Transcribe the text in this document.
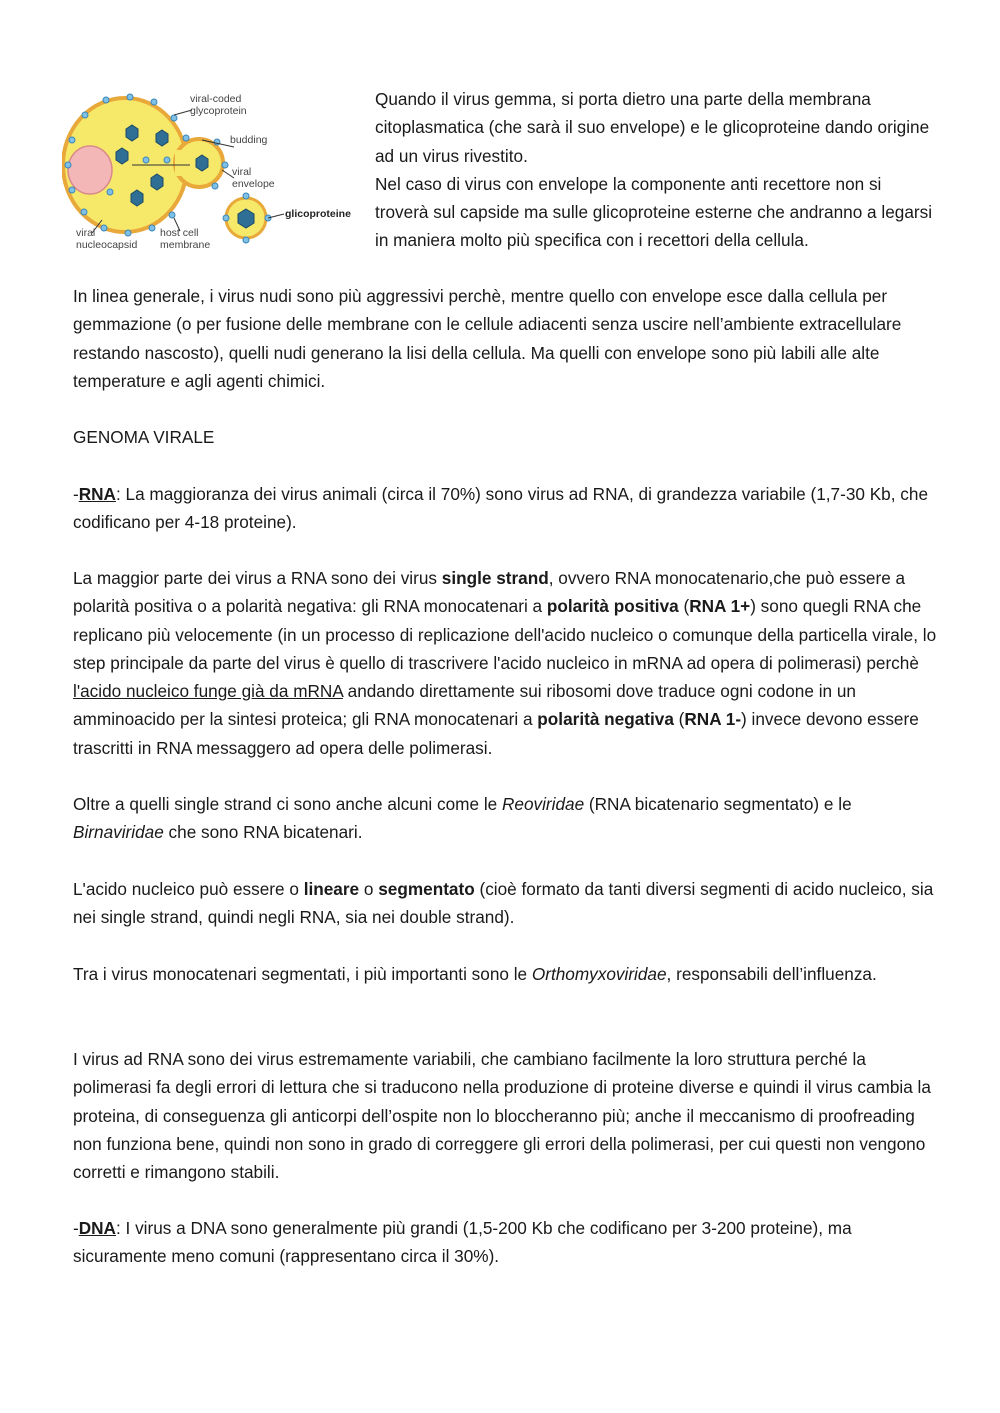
viral-coded
glycoprotein
budding
viral
envelope
glicoproteine
viral
nucleocapsid
host cell
membrane
Quando il virus gemma, si porta dietro una parte della membrana citoplasmatica (che sarà il suo envelope) e le glicoproteine dando origine ad un virus rivestito.
Nel caso di virus con envelope la componente anti recettore non si troverà sul capside ma sulle glicoproteine esterne che andranno a legarsi in maniera molto più specifica con i recettori della cellula.

In linea generale, i virus nudi sono più aggressivi perchè, mentre quello con envelope esce dalla cellula per gemmazione (o per fusione delle membrane con le cellule adiacenti senza uscire nell’ambiente extracellulare restando nascosto), quelli nudi generano la lisi della cellula. Ma quelli con envelope sono più labili alle alte temperature e agli agenti chimici.

GENOMA VIRALE

-RNA: La maggioranza dei virus animali (circa il 70%) sono virus ad RNA, di grandezza variabile (1,7-30 Kb, che codificano per 4-18 proteine).

La maggior parte dei virus a RNA sono dei virus single strand, ovvero RNA monocatenario,che può essere a polarità positiva o a polarità negativa: gli RNA monocatenari a polarità positiva (RNA 1+) sono quegli RNA che replicano più velocemente (in un processo di replicazione dell'acido nucleico o comunque della particella virale, lo step principale da parte del virus è quello di trascrivere l'acido nucleico in mRNA ad opera di polimerasi) perchè l'acido nucleico funge già da mRNA andando direttamente sui ribosomi dove traduce ogni codone in un amminoacido per la sintesi proteica; gli RNA monocatenari a polarità negativa (RNA 1-) invece devono essere trascritti in RNA messaggero ad opera delle polimerasi.

Oltre a quelli single strand ci sono anche alcuni come le Reoviridae (RNA bicatenario segmentato) e le Birnaviridae che sono RNA bicatenari.

L'acido nucleico può essere o lineare o segmentato (cioè formato da tanti diversi segmenti di acido nucleico, sia nei single strand, quindi negli RNA, sia nei double strand).

Tra i virus monocatenari segmentati, i più importanti sono le Orthomyxoviridae, responsabili dell’influenza.

I virus ad RNA sono dei virus estremamente variabili, che cambiano facilmente la loro struttura perché la polimerasi fa degli errori di lettura che si traducono nella produzione di proteine diverse e quindi il virus cambia la proteina, di conseguenza gli anticorpi dell’ospite non lo bloccheranno più; anche il meccanismo di proofreading non funziona bene, quindi non sono in grado di correggere gli errori della polimerasi, per cui questi non vengono corretti e rimangono stabili.

-DNA: I virus a DNA sono generalmente più grandi (1,5-200 Kb che codificano per 3-200 proteine), ma sicuramente meno comuni (rappresentano circa il 30%).
